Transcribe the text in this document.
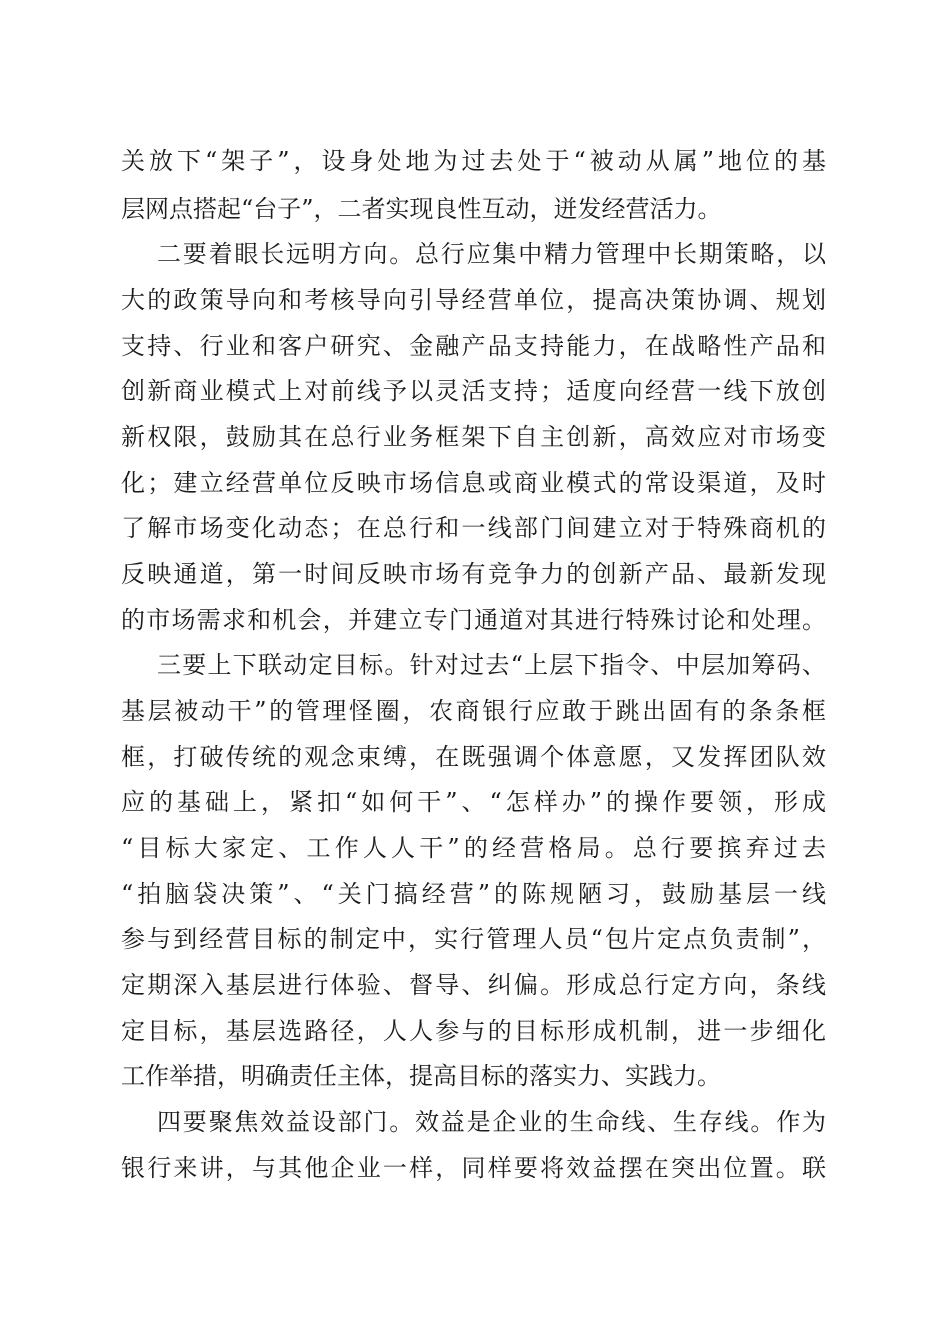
关放下“架子”，设身处地为过去处于“被动从属”地位的基

层网点搭起“台子”，二者实现良性互动，迸发经营活力。

二要着眼长远明方向。总行应集中精力管理中长期策略，以

大的政策导向和考核导向引导经营单位，提高决策协调、规划

支持、行业和客户研究、金融产品支持能力，在战略性产品和

创新商业模式上对前线予以灵活支持；适度向经营一线下放创

新权限，鼓励其在总行业务框架下自主创新，高效应对市场变

化；建立经营单位反映市场信息或商业模式的常设渠道，及时

了解市场变化动态；在总行和一线部门间建立对于特殊商机的

反映通道，第一时间反映市场有竞争力的创新产品、最新发现

的市场需求和机会，并建立专门通道对其进行特殊讨论和处理。

三要上下联动定目标。针对过去“上层下指令、中层加筹码、

基层被动干”的管理怪圈，农商银行应敢于跳出固有的条条框

框，打破传统的观念束缚，在既强调个体意愿，又发挥团队效

应的基础上，紧扣“如何干”、“怎样办”的操作要领，形成

“目标大家定、工作人人干”的经营格局。总行要摈弃过去

“拍脑袋决策”、“关门搞经营”的陈规陋习，鼓励基层一线

参与到经营目标的制定中，实行管理人员“包片定点负责制”，

定期深入基层进行体验、督导、纠偏。形成总行定方向，条线

定目标，基层选路径，人人参与的目标形成机制，进一步细化

工作举措，明确责任主体，提高目标的落实力、实践力。

四要聚焦效益设部门。效益是企业的生命线、生存线。作为

银行来讲，与其他企业一样，同样要将效益摆在突出位置。联
